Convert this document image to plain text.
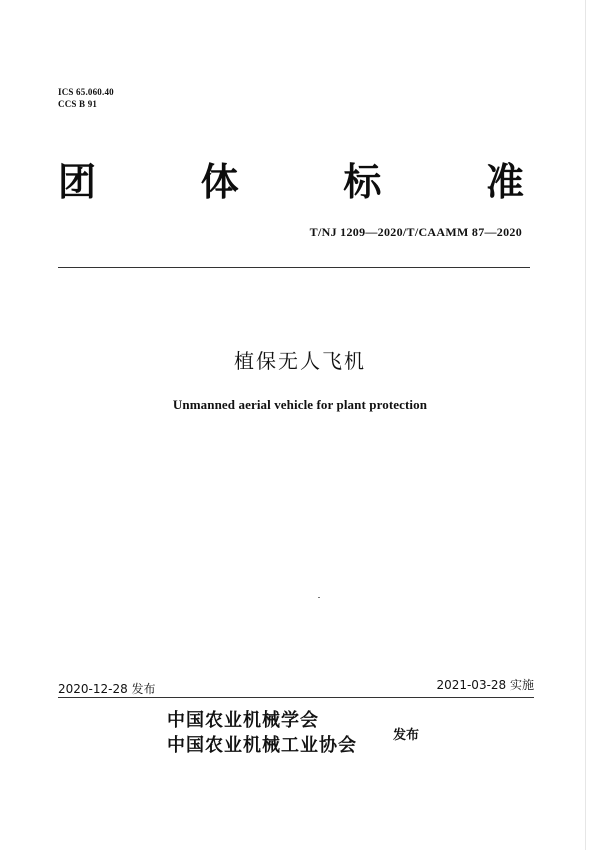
ICS 65.060.40
CCS B 91
团	体	标	准
T/NJ 1209—2020/T/CAAMM 87—2020
植保无人飞机
Unmanned aerial vehicle for plant protection
2020-12-28 发布	2021-03-28 实施
中国农业机械学会
中国农业机械工业协会	发布
